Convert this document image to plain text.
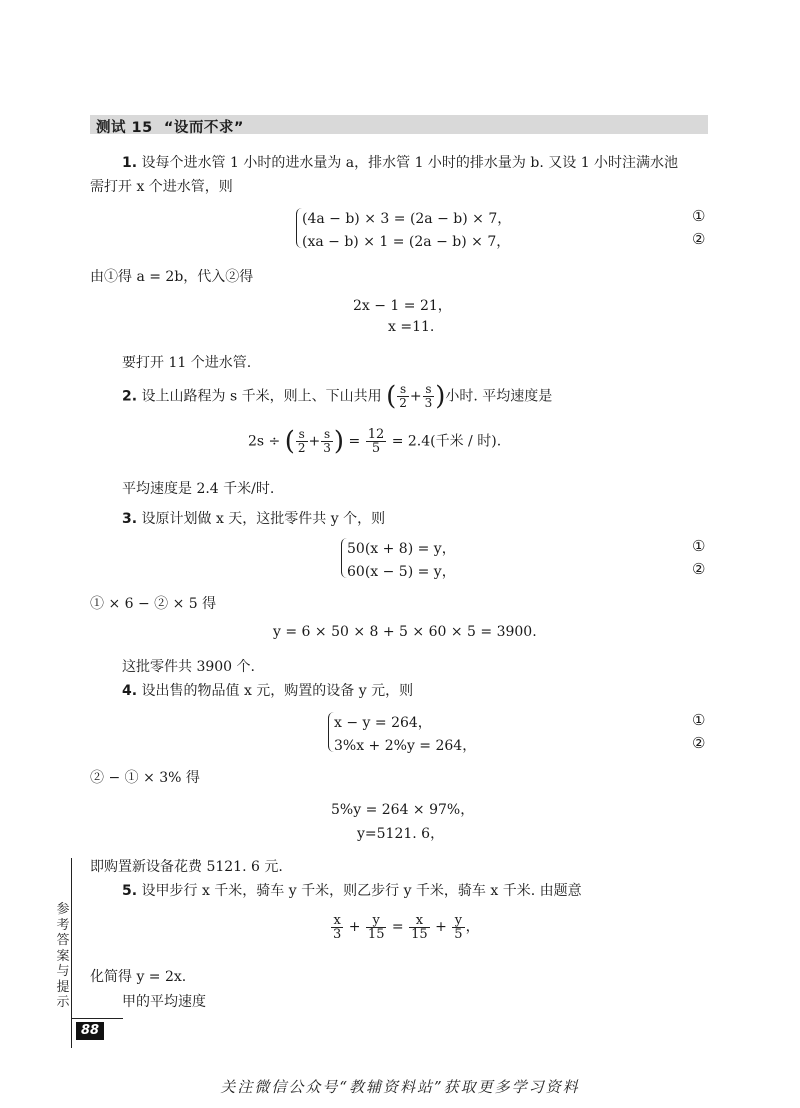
测试 15 “设而不求”
1. 设每个进水管 1 小时的进水量为 a，排水管 1 小时的排水量为 b. 又设 1 小时注满水池
需打开 x 个进水管，则
(4a − b) × 3 = (2a − b) × 7，
(xa − b) × 1 = (2a − b) × 7，
①
②
由①得 a = 2b，代入②得
2x − 1 = 21，
x =11.
要打开 11 个进水管.
2. 设上山路程为 s 千米，则上、下山共用 ( $\frac{s}{2} + \frac{s}{3}$ )小时. 平均速度是
2s ÷ ( $\frac{s}{2} + \frac{s}{3}$ ) = $\frac{12}{5} = 2.4$(千米 / 时).
平均速度是 2.4 千米/时.
3. 设原计划做 x 天，这批零件共 y 个，则
50(x + 8) = y，
60(x − 5) = y，
①
②
① × 6 − ② × 5 得
y = 6 × 50 × 8 + 5 × 60 × 5 = 3900.
这批零件共 3900 个.
4. 设出售的物品值 x 元，购置的设备 y 元，则
x − y = 264，
3%x + 2%y = 264，
①
②
② − ① × 3% 得
5%y = 264 × 97%，
y=5121. 6，
即购置新设备花费 5121. 6 元.
5. 设甲步行 x 千米，骑车 y 千米，则乙步行 y 千米，骑车 x 千米. 由题意
$\frac{x}{3} + \frac{y}{15} = \frac{x}{15} + \frac{y}{5}$ ，
化简得 y = 2x.
甲的平均速度
参考答案与提示
88
关注微信公众号“教辅资料站”获取更多学习资料
